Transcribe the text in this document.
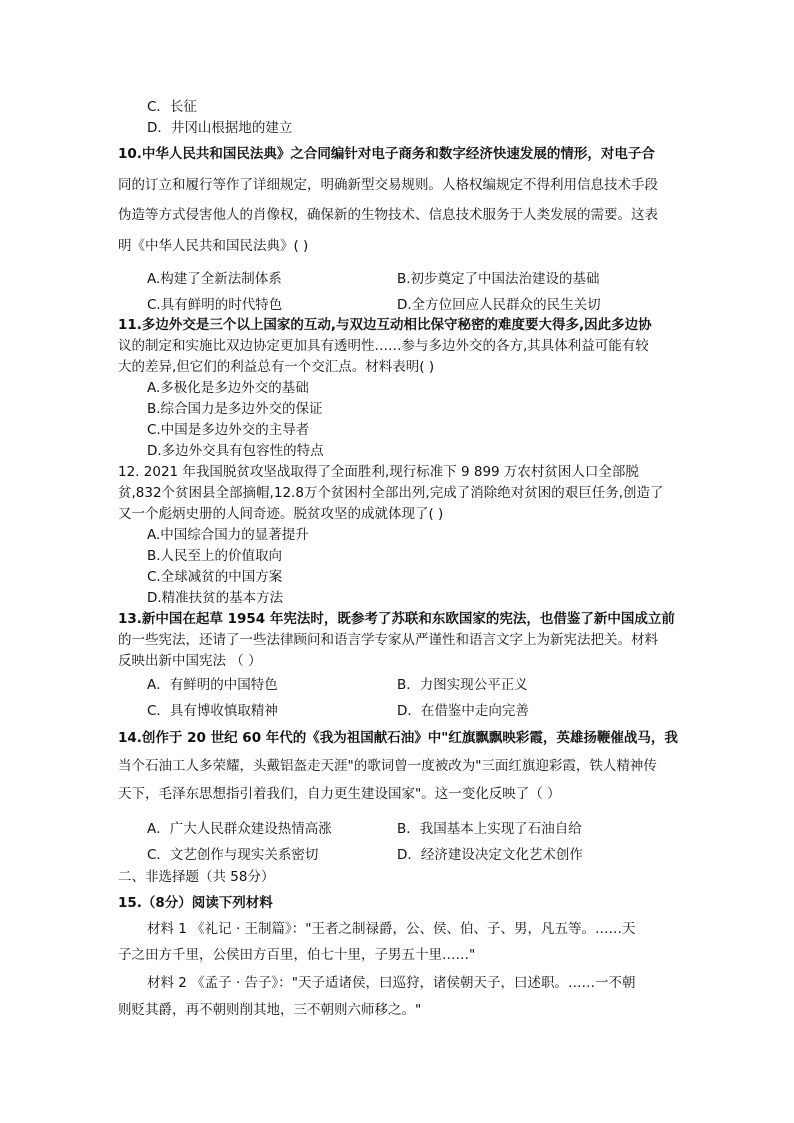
C．长征
D．井冈山根据地的建立
10.中华人民共和国民法典》之合同编针对电子商务和数字经济快速发展的情形，对电子合
同的订立和履行等作了详细规定，明确新型交易规则。人格权编规定不得利用信息技术手段
伪造等方式侵害他人的肖像权，确保新的生物技术、信息技术服务于人类发展的需要。这表
明《中华人民共和国民法典》( )
A.构建了全新法制体系	B.初步奠定了中国法治建设的基础
C.具有鲜明的时代特色	D.全方位回应人民群众的民生关切
11.多边外交是三个以上国家的互动,与双边互动相比保守秘密的难度要大得多,因此多边协
议的制定和实施比双边协定更加具有透明性……参与多边外交的各方,其具体利益可能有较
大的差异,但它们的利益总有一个交汇点。材料表明( )
A.多极化是多边外交的基础
B.综合国力是多边外交的保证
C.中国是多边外交的主导者
D.多边外交具有包容性的特点
12. 2021 年我国脱贫攻坚战取得了全面胜利,现行标准下 9 899 万农村贫困人口全部脱
贫,832个贫困县全部摘帽,12.8万个贫困村全部出列,完成了消除绝对贫困的艰巨任务,创造了
又一个彪炳史册的人间奇迹。脱贫攻坚的成就体现了( )
A.中国综合国力的显著提升
B.人民至上的价值取向
C.全球减贫的中国方案
D.精准扶贫的基本方法
13.新中国在起草 1954 年宪法时，既参考了苏联和东欧国家的宪法，也借鉴了新中国成立前
的一些宪法，还请了一些法律顾问和语言学专家从严谨性和语言文字上为新宪法把关。材料
反映出新中国宪法 （ ）
A．有鲜明的中国特色	B．力图实现公平正义
C．具有博收慎取精神	D．在借鉴中走向完善
14.创作于 20 世纪 60 年代的《我为祖国献石油》中"红旗飘飘映彩霞，英雄扬鞭催战马，我
当个石油工人多荣耀，头戴铝盔走天涯"的歌词曾一度被改为"三面红旗迎彩霞，铁人精神传
天下，毛泽东思想指引着我们，自力更生建设国家"。这一变化反映了（ ）
A．广大人民群众建设热情高涨	B．我国基本上实现了石油自给
C．文艺创作与现实关系密切	D．经济建设决定文化艺术创作
二、非选择题（共 58分）
15.（8分）阅读下列材料
材料 1 《礼记 · 王制篇》："王者之制禄爵，公、侯、伯、子、男，凡五等。……天
子之田方千里，公侯田方百里，伯七十里，子男五十里……"
材料 2 《孟子 · 告子》："天子适诸侯，曰巡狩，诸侯朝天子，曰述职。……一不朝
则贬其爵，再不朝则削其地，三不朝则六师移之。"
